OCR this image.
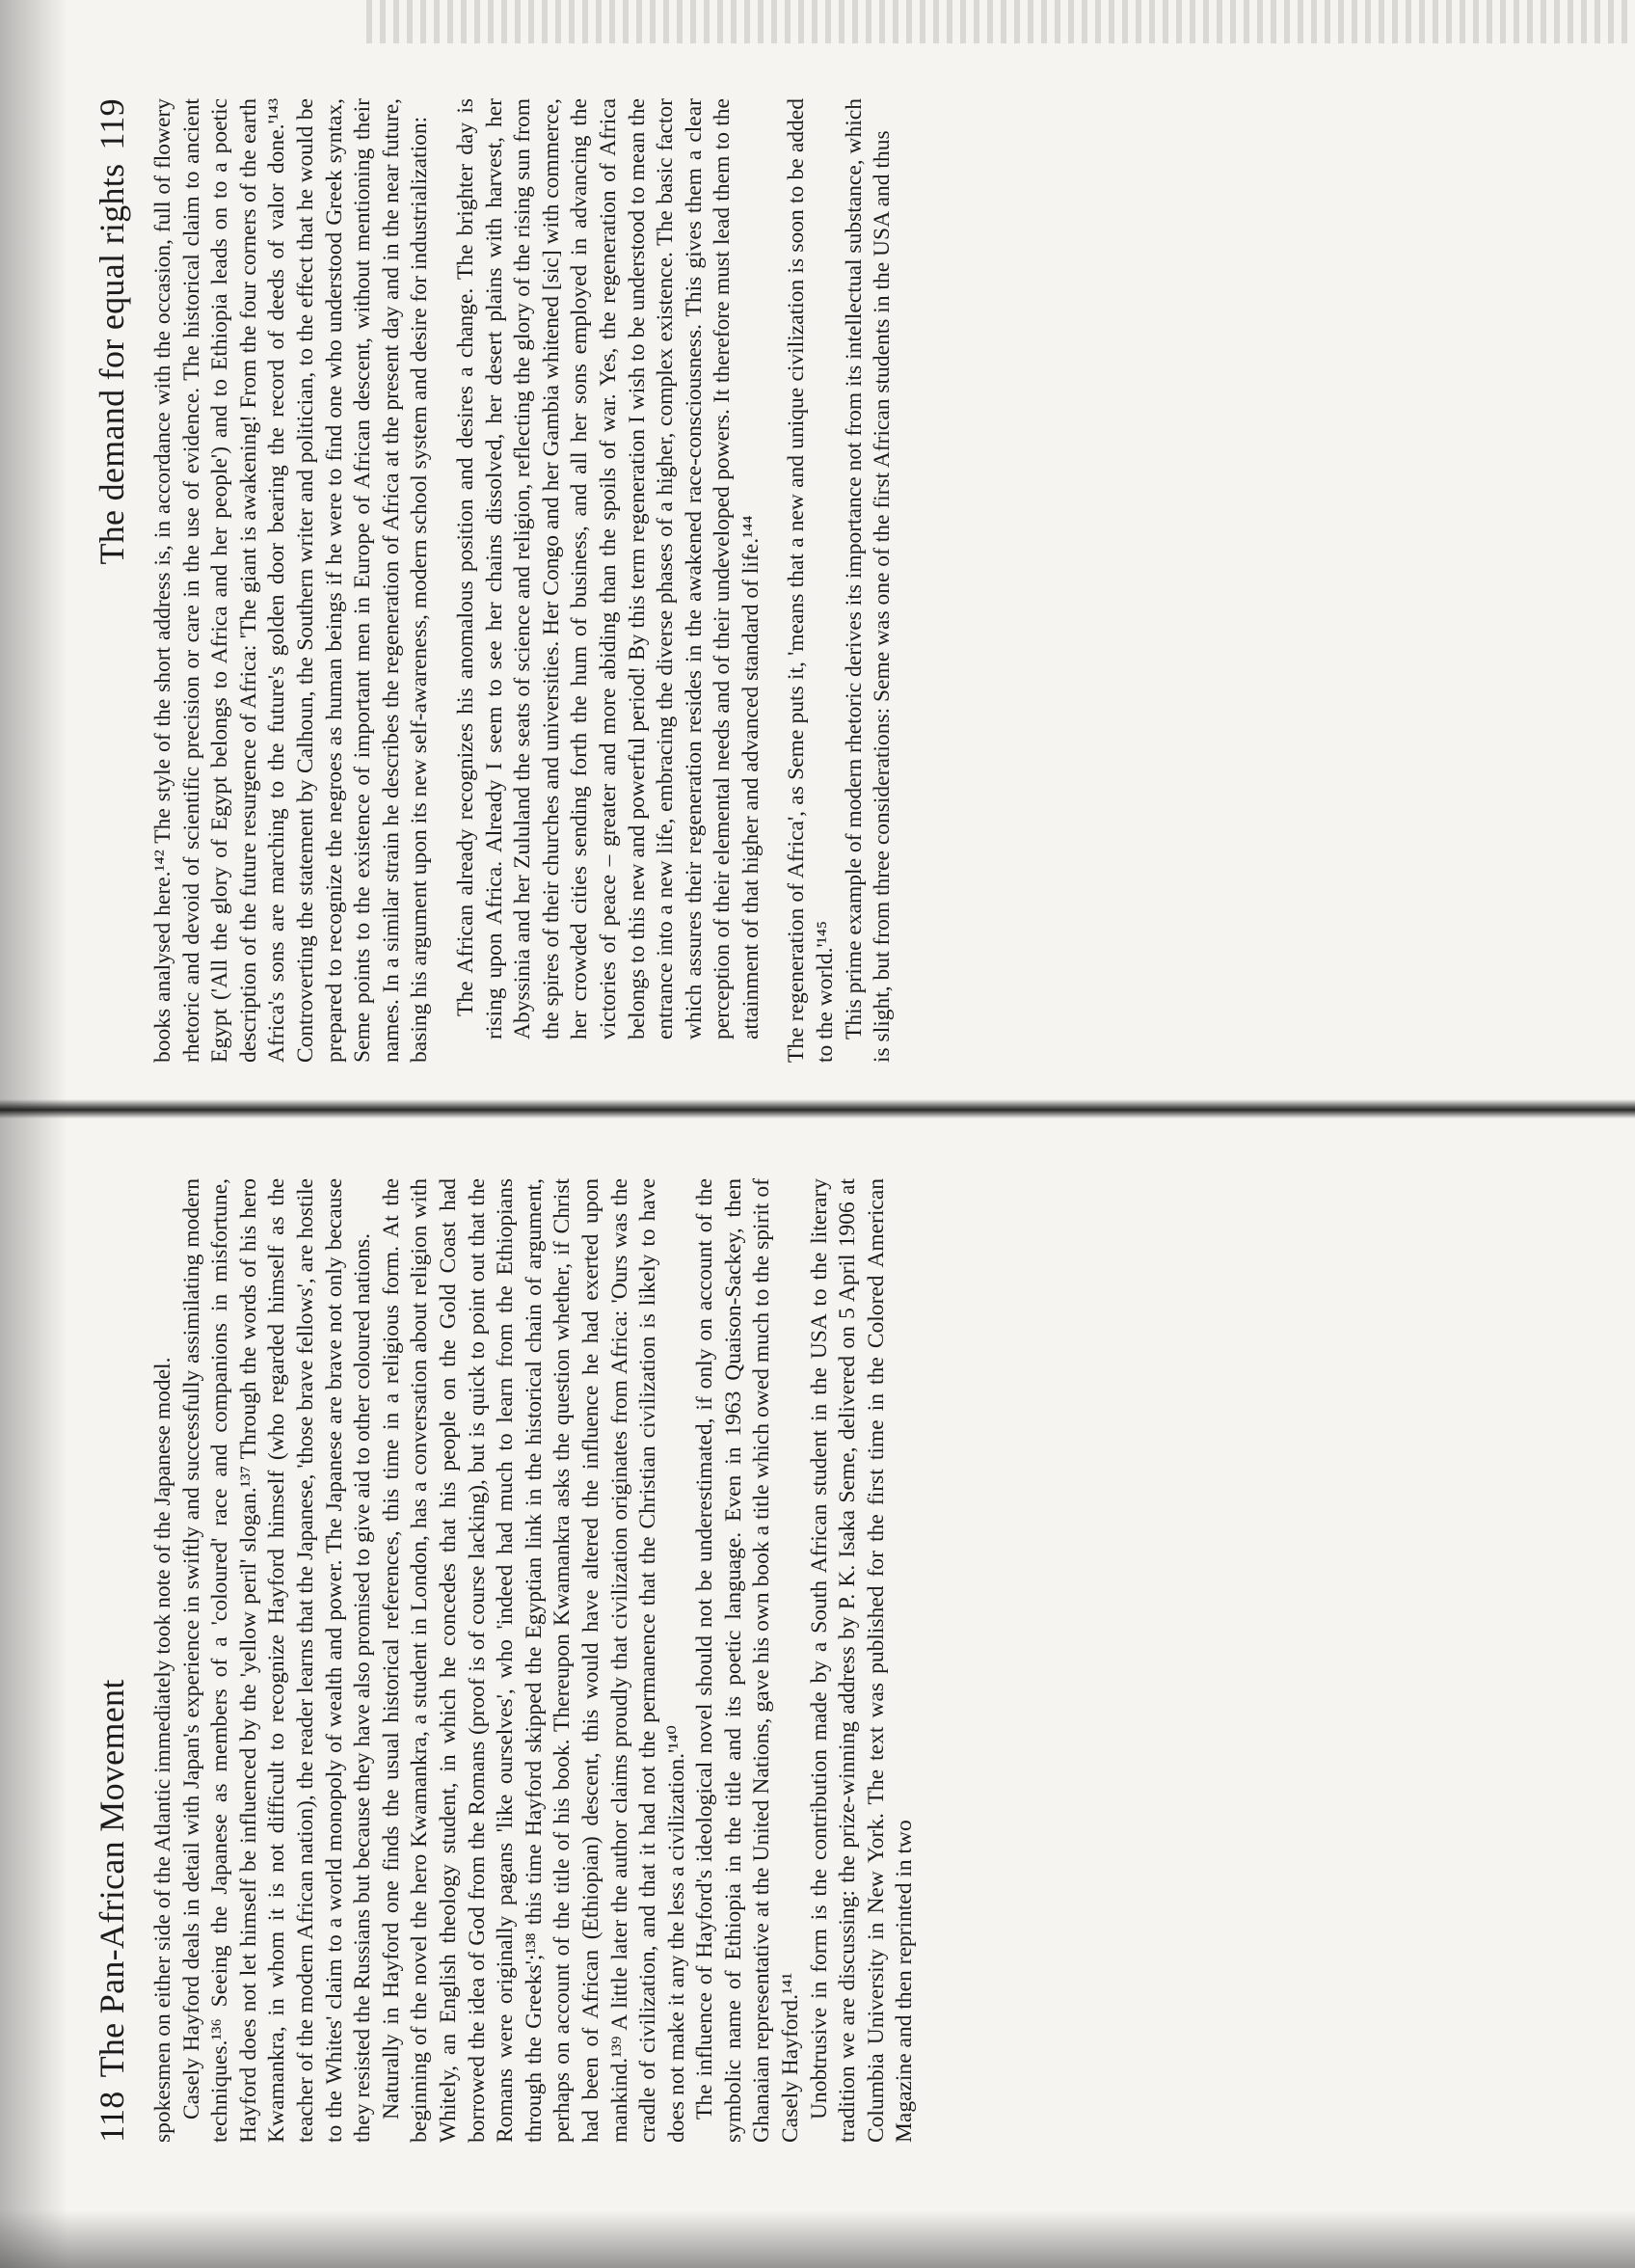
118
The Pan-African Movement spokesmen on either side of the Atlantic immediately took note of the Japanese model. Casely Hayford deals in detail with Japan's experience in swiftly and successfully assimilating modern techniques.¹³⁶ Seeing the Japanese as members of a 'coloured' race and companions in misfortune, Hayford does not let himself be influenced by the 'yellow peril' slogan.¹³⁷ Through the words of his hero Kwamankra, in whom it is not difficult to recognize Hayford himself (who regarded himself as the teacher of the modern African nation), the reader learns that the Japanese, 'those brave fellows', are hostile to the Whites' claim to a world monopoly of wealth and power. The Japanese are brave not only because they resisted the Russians but because they have also promised to give aid to other coloured nations. Naturally in Hayford one finds the usual historical references, this time in a religious form. At the beginning of the novel the hero Kwamankra, a student in London, has a conversation about religion with Whitely, an English theology student, in which he concedes that his people on the Gold Coast had borrowed the idea of God from the Romans (proof is of course lacking), but is quick to point out that the Romans were originally pagans 'like ourselves', who 'indeed had much to learn from the Ethiopians through the Greeks';¹³⁸ this time Hayford skipped the Egyptian link in the historical chain of argument, perhaps on account of the title of his book. Thereupon Kwamankra asks the question whether, if Christ had been of African (Ethiopian) descent, this would have altered the influence he had exerted upon mankind.¹³⁹ A little later the author claims proudly that civilization originates from Africa: 'Ours was the cradle of civilization, and that it had not the permanence that the Christian civilization is likely to have does not make it any the less a civilization.'¹⁴⁰ The influence of Hayford's ideological novel should not be underestimated, if only on account of the symbolic name of Ethiopia in the title and its poetic language. Even in 1963 Quaison-Sackey, then Ghanaian representative at the United Nations, gave his own book a title which owed much to the spirit of Casely Hayford.¹⁴¹ Unobtrusive in form is the contribution made by a South African student in the USA to the literary tradition we are discussing: the prize-winning address by P. K. Isaka Seme, delivered on 5 April 1906 at Columbia University in New York. The text was published for the first time in the Colored American Magazine and then reprinted in two

The demand for equal rights
119 books analysed here.¹⁴² The style of the short address is, in accordance with the occasion, full of flowery rhetoric and devoid of scientific precision or care in the use of evidence. The historical claim to ancient Egypt ('All the glory of Egypt belongs to Africa and her people') and to Ethiopia leads on to a poetic description of the future resurgence of Africa: 'The giant is awakening! From the four corners of the earth Africa's sons are marching to the future's golden door bearing the record of deeds of valor done.'¹⁴³ Controverting the statement by Calhoun, the Southern writer and politician, to the effect that he would be prepared to recognize the negroes as human beings if he were to find one who understood Greek syntax, Seme points to the existence of important men in Europe of African descent, without mentioning their names. In a similar strain he describes the regeneration of Africa at the present day and in the near future, basing his argument upon its new self-awareness, modern school system and desire for industrialization: The African already recognizes his anomalous position and desires a change. The brighter day is rising upon Africa. Already I seem to see her chains dissolved, her desert plains with harvest, her Abyssinia and her Zululand the seats of science and religion, reflecting the glory of the rising sun from the spires of their churches and universities. Her Congo and her Gambia whitened [sic] with commerce, her crowded cities sending forth the hum of business, and all her sons employed in advancing the victories of peace – greater and more abiding than the spoils of war. Yes, the regeneration of Africa belongs to this new and powerful period! By this term regeneration I wish to be understood to mean the entrance into a new life, embracing the diverse phases of a higher, complex existence. The basic factor which assures their regeneration resides in the awakened race-consciousness. This gives them a clear perception of their elemental needs and of their undeveloped powers. It therefore must lead them to the attainment of that higher and advanced standard of life.¹⁴⁴ The regeneration of Africa', as Seme puts it, 'means that a new and unique civilization is soon to be added to the world.'¹⁴⁵ This prime example of modern rhetoric derives its importance not from its intellectual substance, which is slight, but from three considerations: Seme was one of the first African students in the USA and thus
